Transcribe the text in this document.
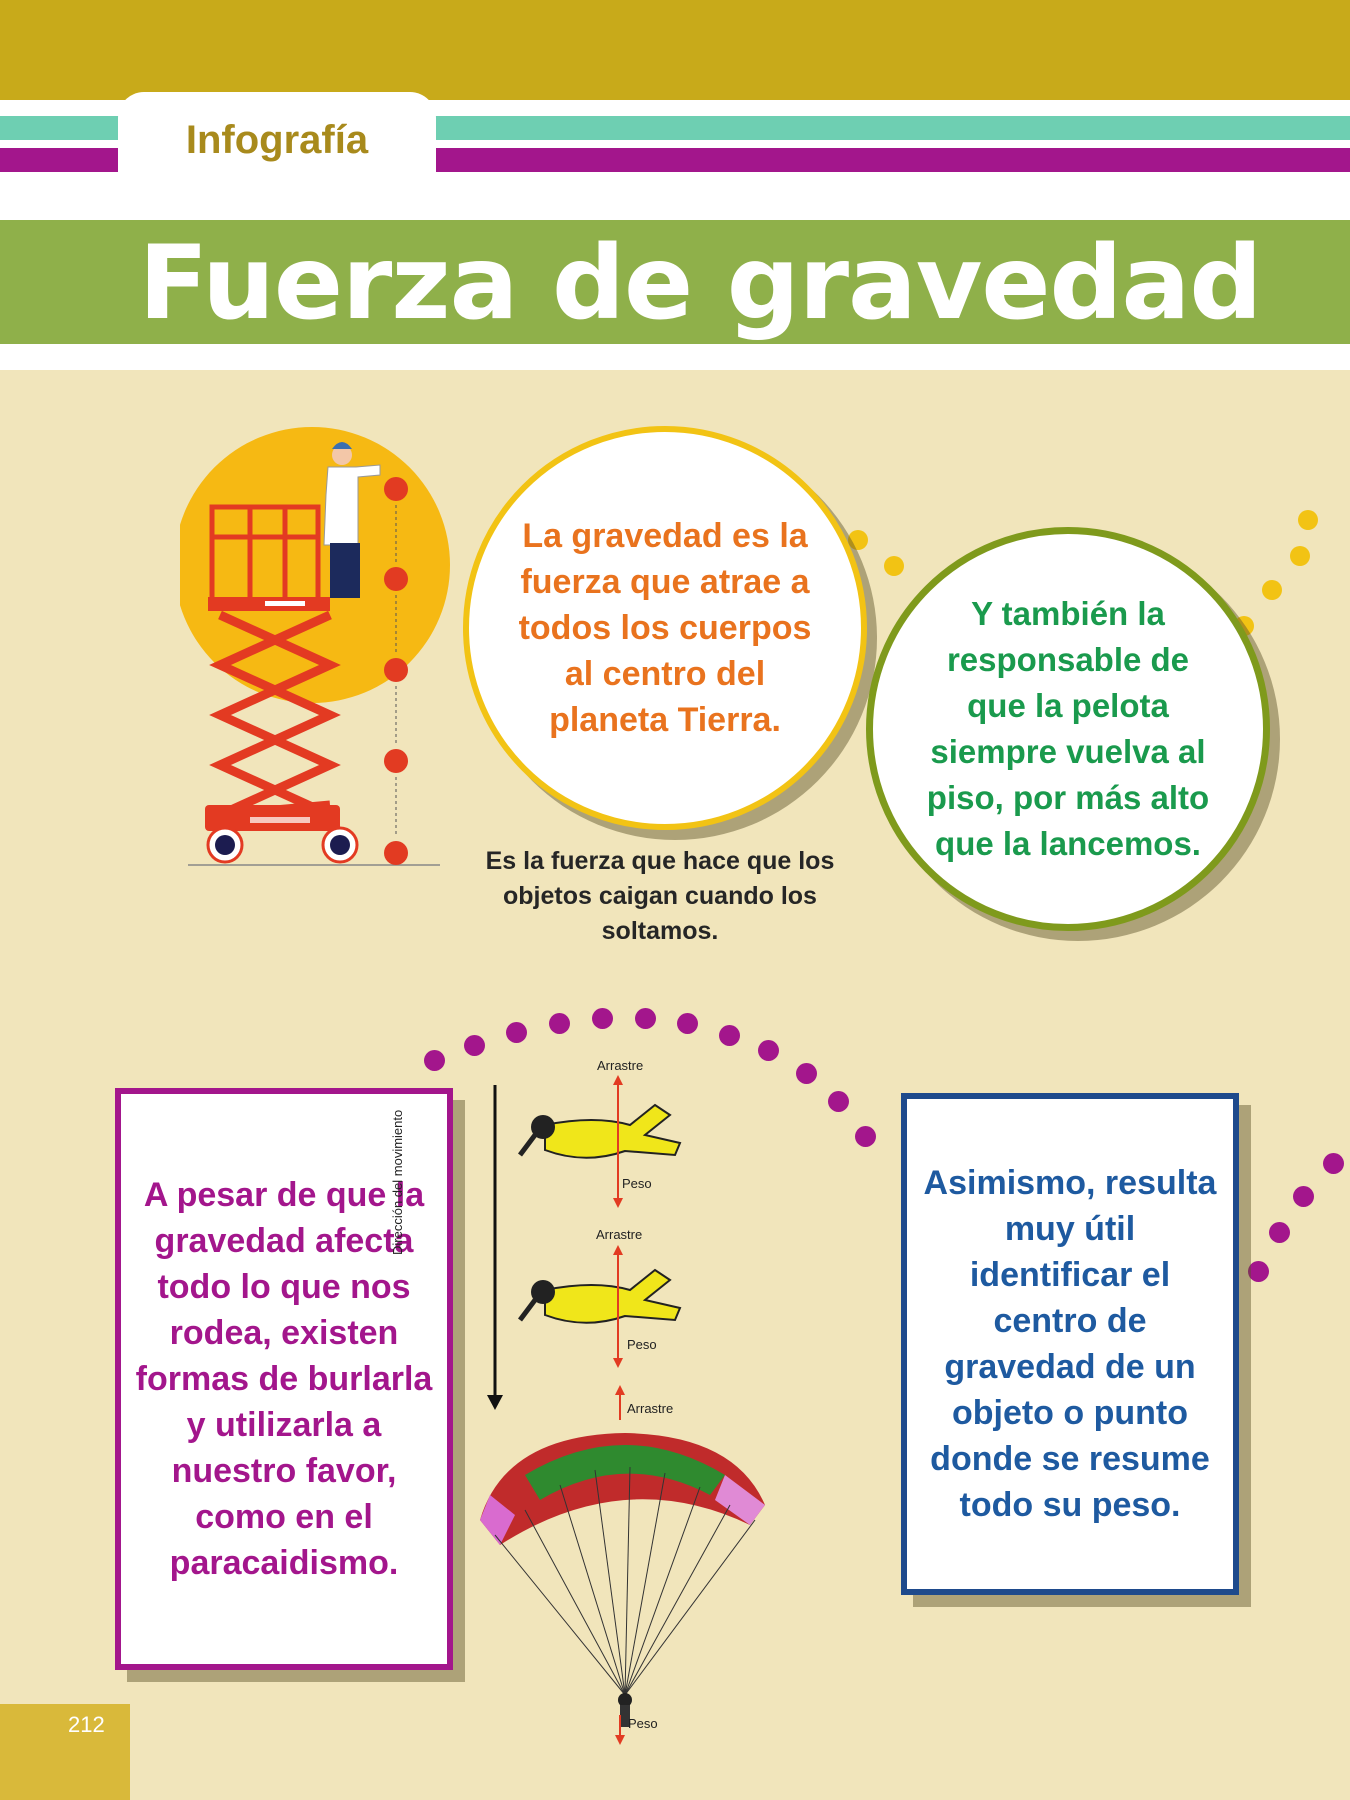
Infografía
Fuerza de gravedad
La gravedad es la fuerza que atrae a todos los cuerpos al centro del planeta Tierra.
Y también la responsable de que la pelota siempre vuelva al piso, por más alto que la lancemos.
Es la fuerza que hace que los objetos caigan cuando los soltamos.
A pesar de que la gravedad afecta todo lo que nos rodea, existen formas de burlarla y utilizarla a nuestro favor, como en el paracaidismo.
Asimismo, resulta muy útil identificar el centro de gravedad de un objeto o punto donde se resume todo su peso.
Arrastre
Peso
Arrastre
Peso
Arrastre
Peso
Dirección del movimiento
212
